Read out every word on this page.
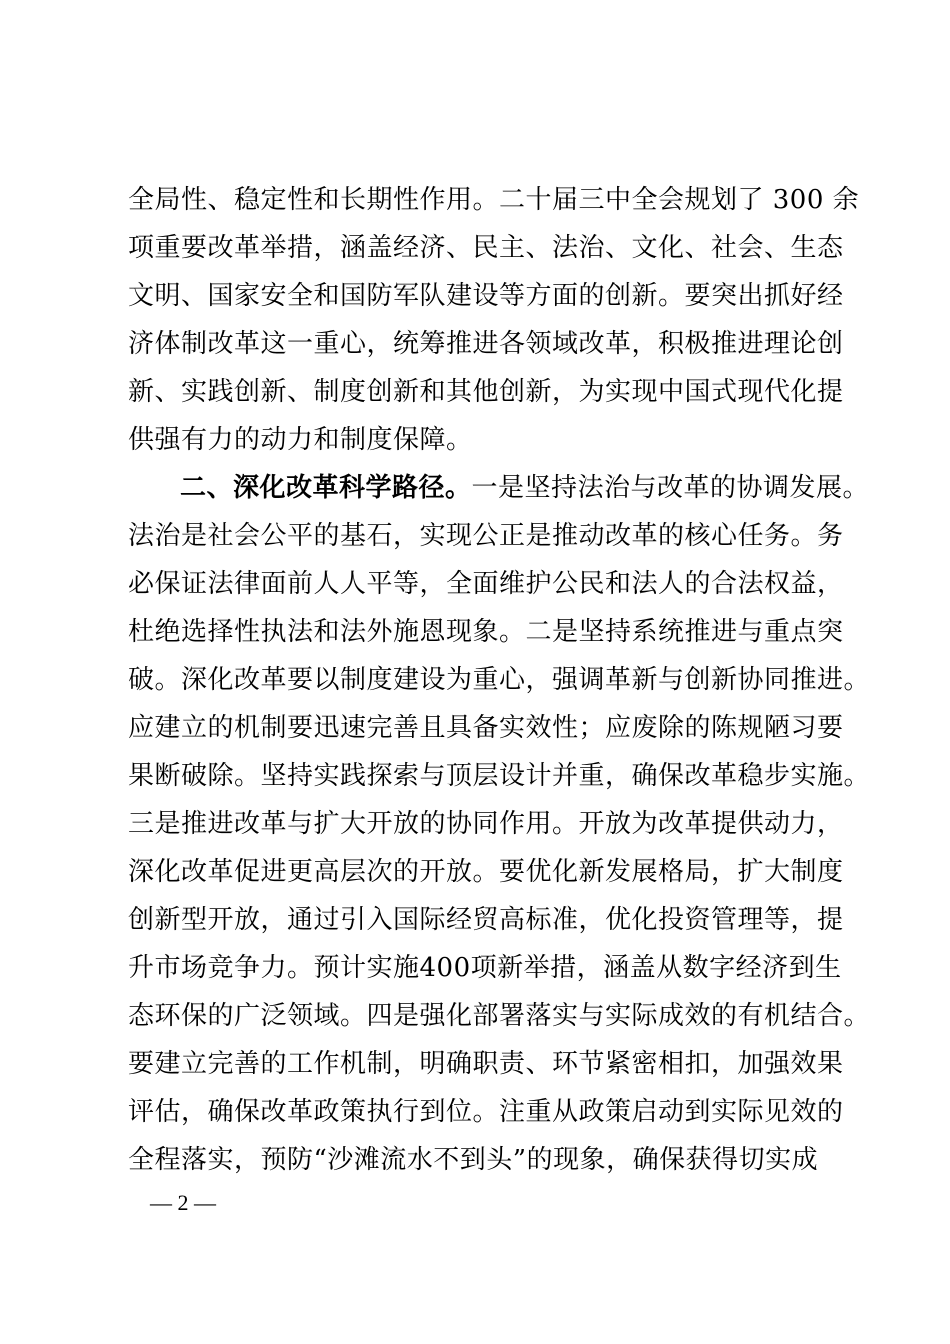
全局性、稳定性和长期性作用。二十届三中全会规划了 300 余
项重要改革举措，涵盖经济、民主、法治、文化、社会、生态
文明、国家安全和国防军队建设等方面的创新。要突出抓好经
济体制改革这一重心，统筹推进各领域改革，积极推进理论创
新、实践创新、制度创新和其他创新，为实现中国式现代化提
供强有力的动力和制度保障。
二、深化改革科学路径。一是坚持法治与改革的协调发展。
法治是社会公平的基石，实现公正是推动改革的核心任务。务
必保证法律面前人人平等，全面维护公民和法人的合法权益，
杜绝选择性执法和法外施恩现象。二是坚持系统推进与重点突
破。深化改革要以制度建设为重心，强调革新与创新协同推进。
应建立的机制要迅速完善且具备实效性；应废除的陈规陋习要
果断破除。坚持实践探索与顶层设计并重，确保改革稳步实施。
三是推进改革与扩大开放的协同作用。开放为改革提供动力，
深化改革促进更高层次的开放。要优化新发展格局，扩大制度
创新型开放，通过引入国际经贸高标准，优化投资管理等，提
升市场竞争力。预计实施400项新举措，涵盖从数字经济到生
态环保的广泛领域。四是强化部署落实与实际成效的有机结合。
要建立完善的工作机制，明确职责、环节紧密相扣，加强效果
评估，确保改革政策执行到位。注重从政策启动到实际见效的
全程落实，预防“沙滩流水不到头”的现象，确保获得切实成
— 2 —
